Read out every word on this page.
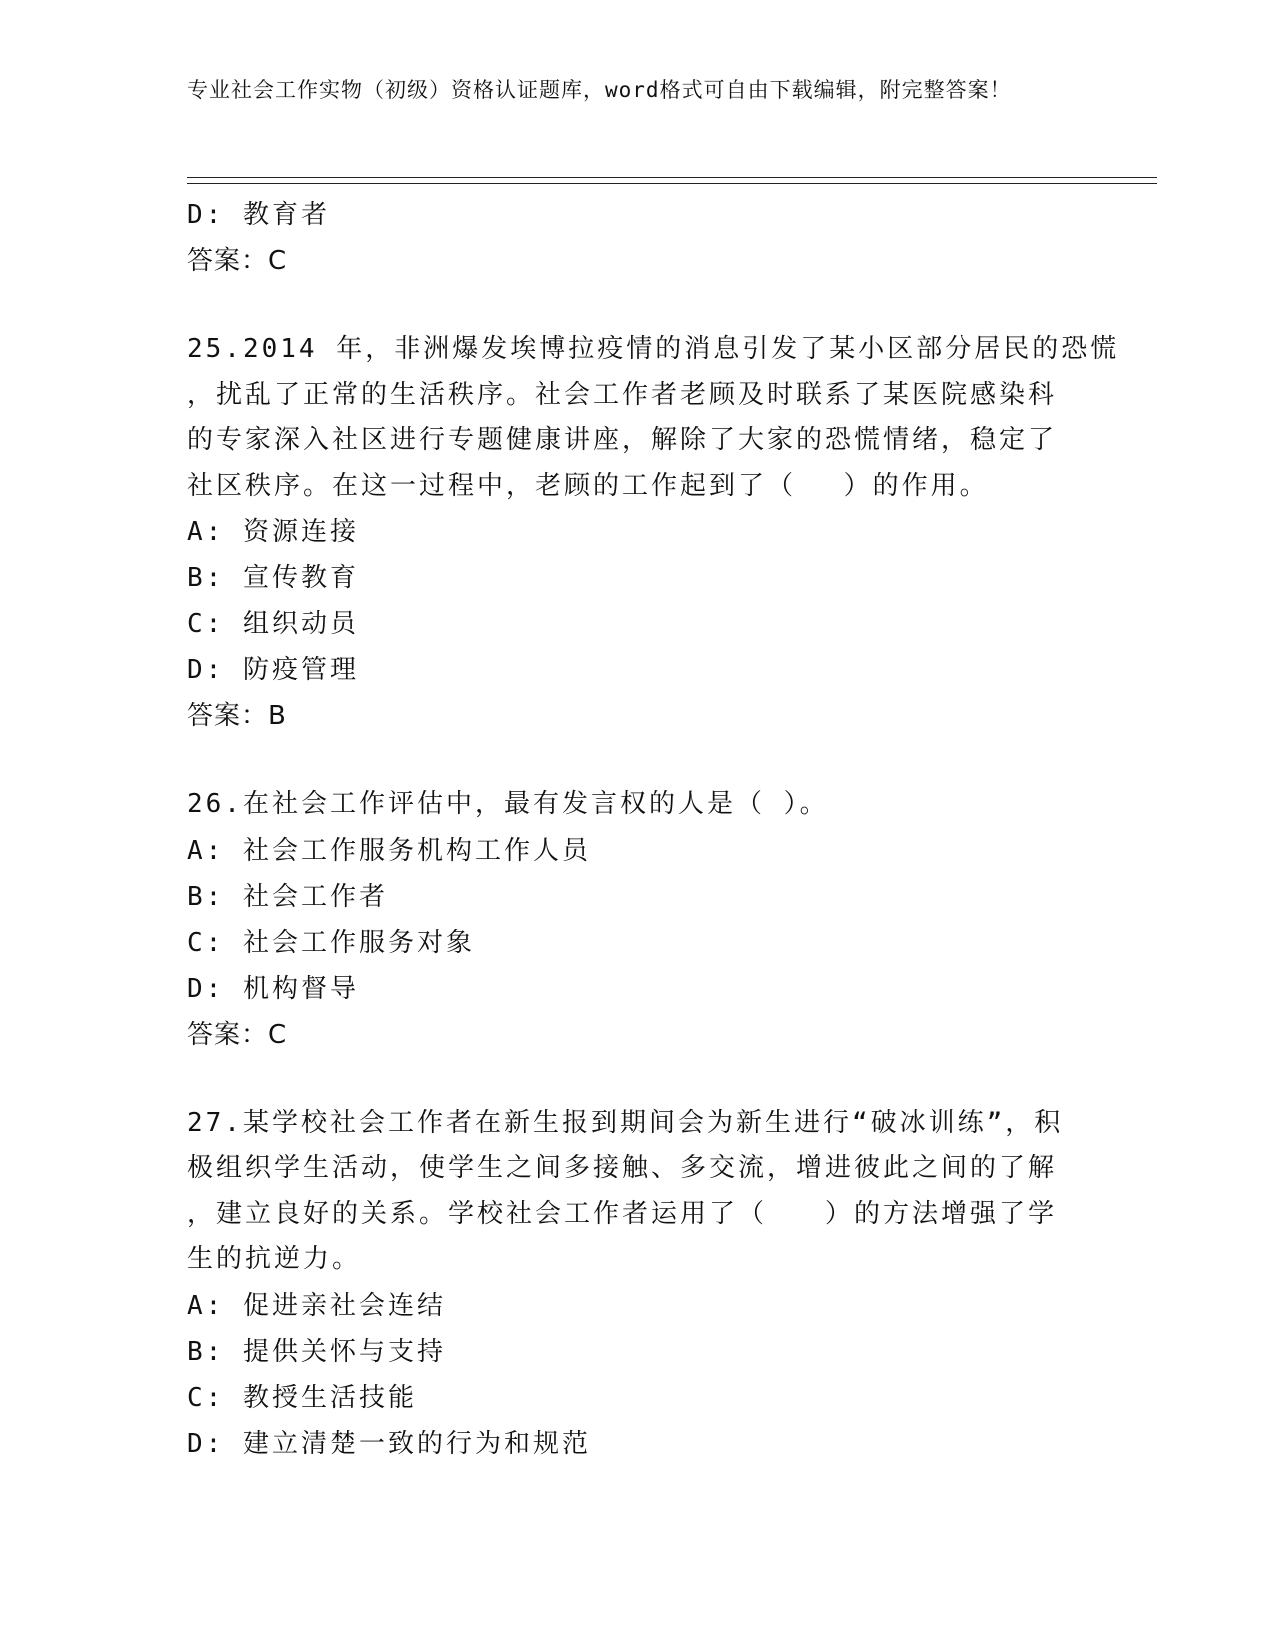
专业社会工作实物（初级）资格认证题库，word格式可自由下载编辑，附完整答案！
D: 教育者
答案：C
25.2014 年，非洲爆发埃博拉疫情的消息引发了某小区部分居民的恐慌
，扰乱了正常的生活秩序。社会工作者老顾及时联系了某医院感染科
的专家深入社区进行专题健康讲座，解除了大家的恐慌情绪，稳定了
社区秩序。在这一过程中，老顾的工作起到了（　 ）的作用。
A: 资源连接
B: 宣传教育
C: 组织动员
D: 防疫管理
答案：B
26.在社会工作评估中，最有发言权的人是（ ）。
A: 社会工作服务机构工作人员
B: 社会工作者
C: 社会工作服务对象
D: 机构督导
答案：C
27.某学校社会工作者在新生报到期间会为新生进行“破冰训练”，积
极组织学生活动，使学生之间多接触、多交流，增进彼此之间的了解
，建立良好的关系。学校社会工作者运用了（　　）的方法增强了学
生的抗逆力。
A: 促进亲社会连结
B: 提供关怀与支持
C: 教授生活技能
D: 建立清楚一致的行为和规范
